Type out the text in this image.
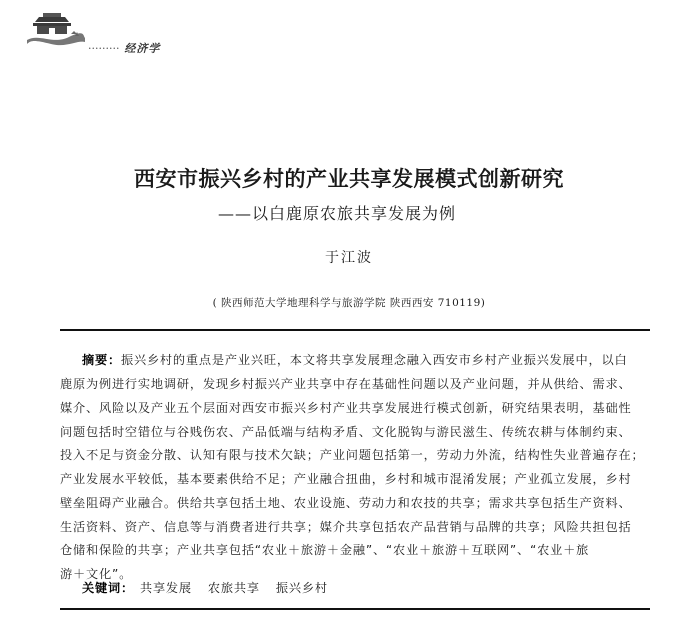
········· 经济学
西安市振兴乡村的产业共享发展模式创新研究
——以白鹿原农旅共享发展为例
于江波
( 陕西师范大学地理科学与旅游学院 陕西西安 710119)
摘要：振兴乡村的重点是产业兴旺，本文将共享发展理念融入西安市乡村产业振兴发展中，以白
鹿原为例进行实地调研，发现乡村振兴产业共享中存在基础性问题以及产业问题，并从供给、需求、
媒介、风险以及产业五个层面对西安市振兴乡村产业共享发展进行模式创新，研究结果表明，基础性
问题包括时空错位与谷贱伤农、产品低端与结构矛盾、文化脱钩与游民滋生、传统农耕与体制约束、
投入不足与资金分散、认知有限与技术欠缺；产业问题包括第一，劳动力外流，结构性失业普遍存在；
产业发展水平较低，基本要素供给不足；产业融合扭曲，乡村和城市混淆发展；产业孤立发展，乡村
壁垒阻碍产业融合。供给共享包括土地、农业设施、劳动力和农技的共享；需求共享包括生产资料、
生活资料、资产、信息等与消费者进行共享；媒介共享包括农产品营销与品牌的共享；风险共担包括
仓储和保险的共享；产业共享包括“农业＋旅游＋金融”、“农业＋旅游＋互联网”、“农业＋旅
游＋文化”。
关键词： 共享发展 农旅共享 振兴乡村
